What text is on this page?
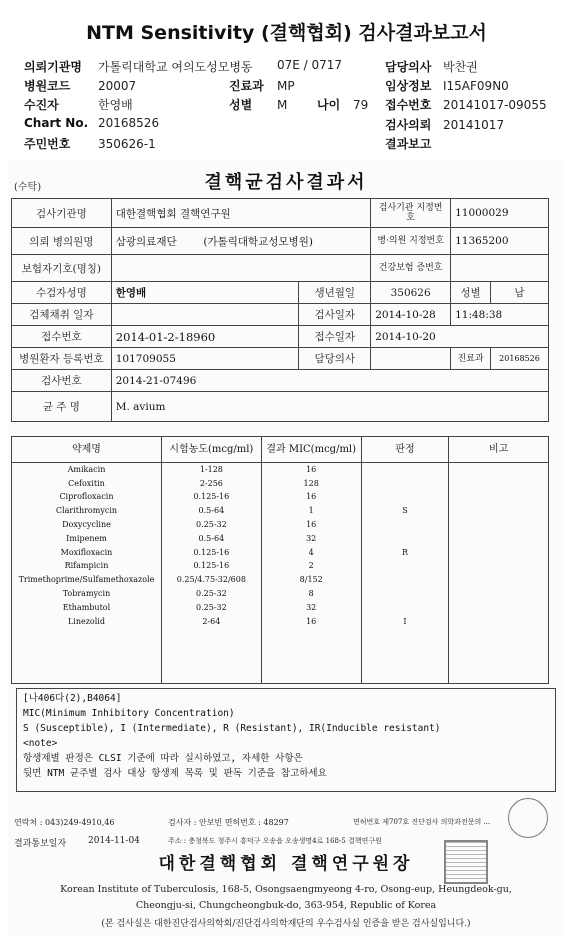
NTM Sensitivity (결핵협회) 검사결과보고서
의뢰기관명 가톨릭대학교 여의도성모병동
병원코드 20007
수진자	한영배
Chart No. 20168526
주민번호 350626-1
07E / 0717
진료과 MP
성별 M 나이 79
담당의사 박찬권
임상정보 I15AF09N0
접수번호 20141017-09055
검사의뢰 20141017
결과보고
(수탁)	결핵균검사결과서
검사기관명	대한결핵협회 결핵연구원		검사기관 지정번호	11000029	
의뢰 병의원명	삼광의료재단 (가톨릭대학교성모병원)		병·의원 지정번호	11365200	
보험자기호(명칭)			건강보험 증번호		
수검자성명	한영배	생년월일	350626	성별	남
검체채취 일자		검사일자	2014-10-28	11:48:38	
접수번호	2014-01-2-18960	접수일자	2014-10-20		
병원환자 등록번호	101709055	담당의사		진료과	20168526
검사번호	2014-21-07496				
균 주 명	M. avium				
약제명	시험농도(mcg/ml)	결과 MIC(mcg/ml)	판정	비고
Amikacin	1-128	16		
Cefoxitin	2-256	128		
Ciprofloxacin	0.125-16	16		
Clarithromycin	0.5-64	1	S	
Doxycycline	0.25-32	16		
Imipenem	0.5-64	32		
Moxifloxacin	0.125-16	4	R	
Rifampicin	0.125-16	2		
Trimethoprime/Sulfamethoxazole	0.25/4.75-32/608	8/152		
Tobramycin	0.25-32	8		
Ethambutol	0.25-32	32		
Linezolid	2-64	16	I	

[나406다(2),B4064]
MIC(Minimum Inhibitory Concentration)
S (Susceptible), I (Intermediate), R (Resistant), IR(Inducible resistant)
<note>
항생제별 판정은 CLSI 기준에 따라 실시하였고, 자세한 사항은
뒷면 NTM 균주별 검사 대상 항생제 목록 및 판독 기준을 참고하세요
연락처 : 043)249-4910,46	검사자 : 안보빈 면허번호 : 48297	면허번호 제707호 진단검사 의학과전문의 ...
결과통보일자 2014-11-04	주소 : 충청북도 청주시 흥덕구 오송읍 오송생명4로 168-5 결핵연구원
대한결핵협회 결핵연구원장
Korean Institute of Tuberculosis, 168-5, Osongsaengmyeong 4-ro, Osong-eup, Heungdeok-gu,
Cheongju-si, Chungcheongbuk-do, 363-954, Republic of Korea
(본 검사실은 대한진단검사의학회/진단검사의학재단의 우수검사실 인증을 받은 검사실입니다.)
